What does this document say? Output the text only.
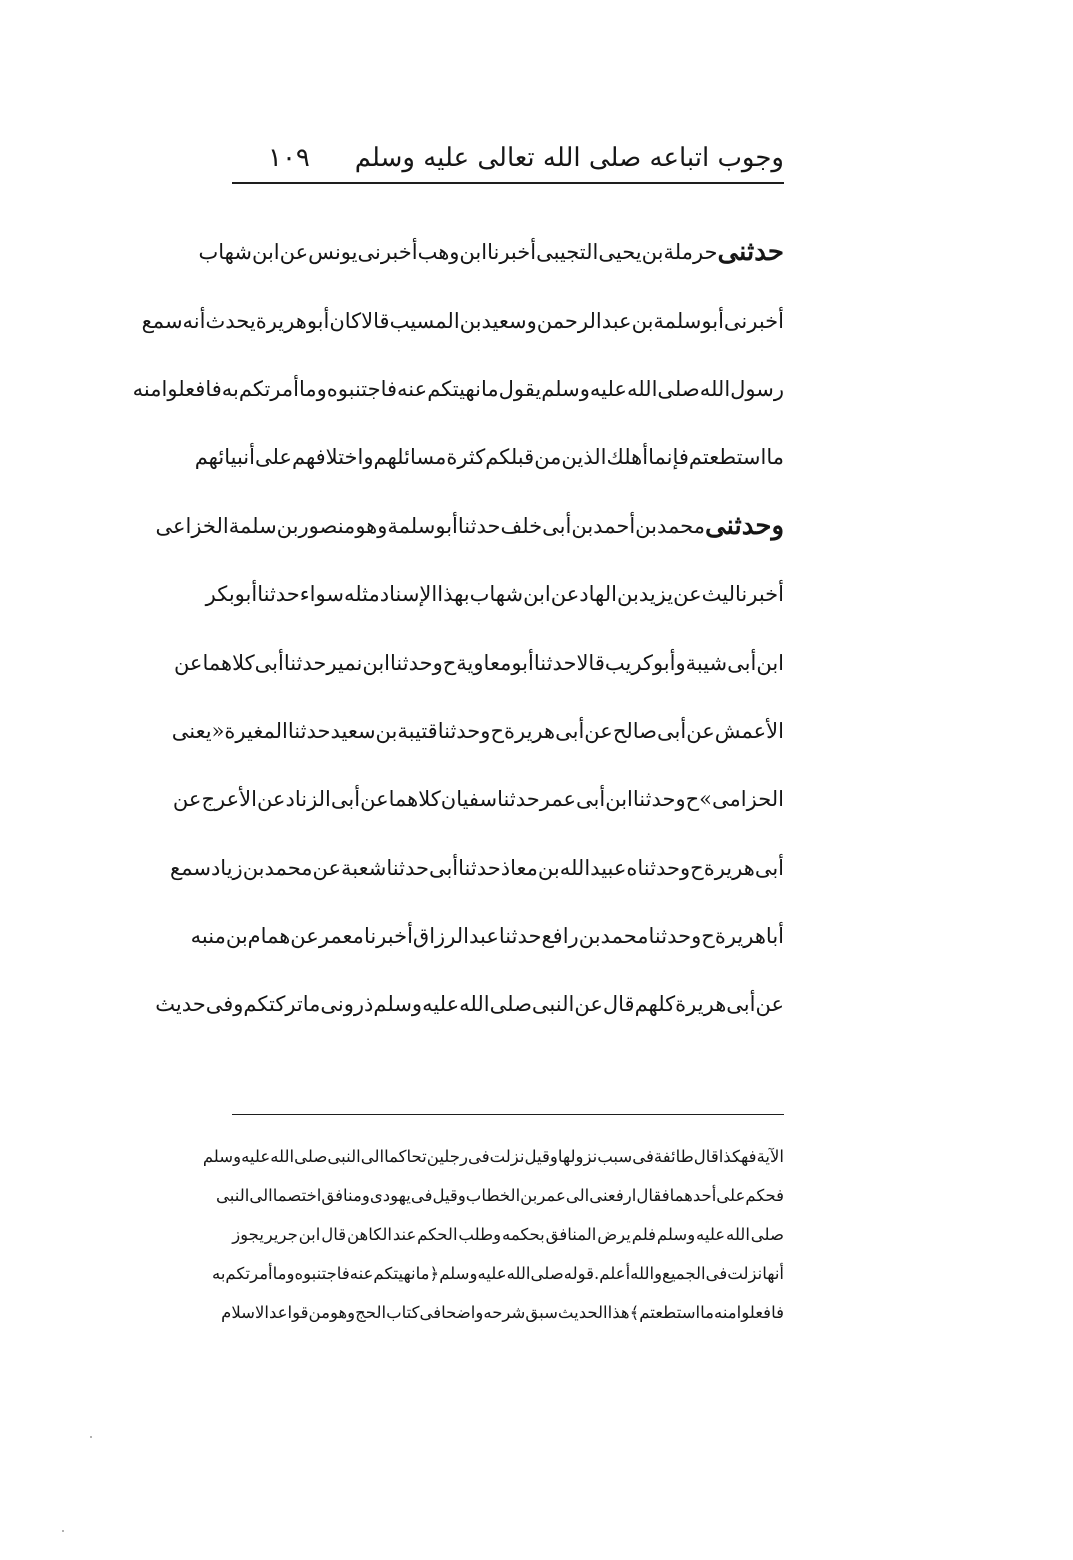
وجوب اتباعه صلى الله تعالى عليه وسلم
١٠٩
حدثنى
حرملة
بن
يحيى
التجيبى
أخبرنا
ابن
وهب
أخبرنى
يونس
عن
ابن
شهاب
أخبرنى
أبو
سلمة
بن
عبد
الرحمن
وسعيد
بن
المسيب
قالا
كان
أبو
هريرة
يحدث
أنه
سمع
رسول
الله
صلى
الله
عليه
وسلم
يقول
ما
نهيتكم
عنه
فاجتنبوه
وما
أمرتكم
به
فافعلوا
منه
ما
استطعتم
فإنما
أهلك
الذين
من
قبلكم
كثرة
مسائلهم
واختلافهم
على
أنبيائهم
وحدثنى
محمد
بن
أحمد
بن
أبى
خلف
حدثنا
أبو
سلمة
وهو
منصور
بن
سلمة
الخزاعى
أخبرنا
ليث
عن
يزيد
بن
الهاد
عن
ابن
شهاب
بهذا
الإسناد
مثله
سواء
حدثنا
أبو
بكر
ابن
أبى
شيبة
وأبو
كريب
قالا
حدثنا
أبو
معاوية
ح
وحدثنا
ابن
نمير
حدثنا
أبى
كلاهما
عن
الأعمش
عن
أبى
صالح
عن
أبى
هريرة
ح
وحدثنا
قتيبة
بن
سعيد
حدثنا
المغيرة
«
يعنى
الحزامى
»
ح
وحدثنا
ابن
أبى
عمر
حدثنا
سفيان
كلاهما
عن
أبى
الزناد
عن
الأعرج
عن
أبى
هريرة
ح
وحدثناه
عبيد
الله
بن
معاذ
حدثنا
أبى
حدثنا
شعبة
عن
محمد
بن
زياد
سمع
أبا
هريرة
ح
وحدثنا
محمد
بن
رافع
حدثنا
عبد
الرزاق
أخبرنا
معمر
عن
همام
بن
منبه
عن
أبى
هريرة
كلهم
قال
عن
النبى
صلى
الله
عليه
وسلم
ذرونى
ما
تركتكم
وفى
حديث
الآية
فهكذا
قال
طائفة
فى
سبب
نزولها
وقيل
نزلت
فى
رجلين
تحاكما
الى
النبى
صلى
الله
عليه
وسلم
فحكم
على
أحدهما
فقال
ارفعنى
الى
عمر
بن
الخطاب
وقيل
فى
يهودى
ومنافق
اختصما
الى
النبى
صلى
الله
عليه
وسلم
فلم
يرض
المنافق
بحكمه
وطلب
الحكم
عند
الكاهن
قال
ابن
جرير
يجوز
أنها
نزلت
فى
الجميع
والله
أعلم
.
قوله
صلى
الله
عليه
وسلم
﴿
ما
نهيتكم
عنه
فاجتنبوه
وما
أمرتكم
به
فافعلوا
منه
ما
استطعتم
﴾
هذا
الحديث
سبق
شرحه
واضحا
فى
كتاب
الحج
وهو
من
قواعد
الاسلام
